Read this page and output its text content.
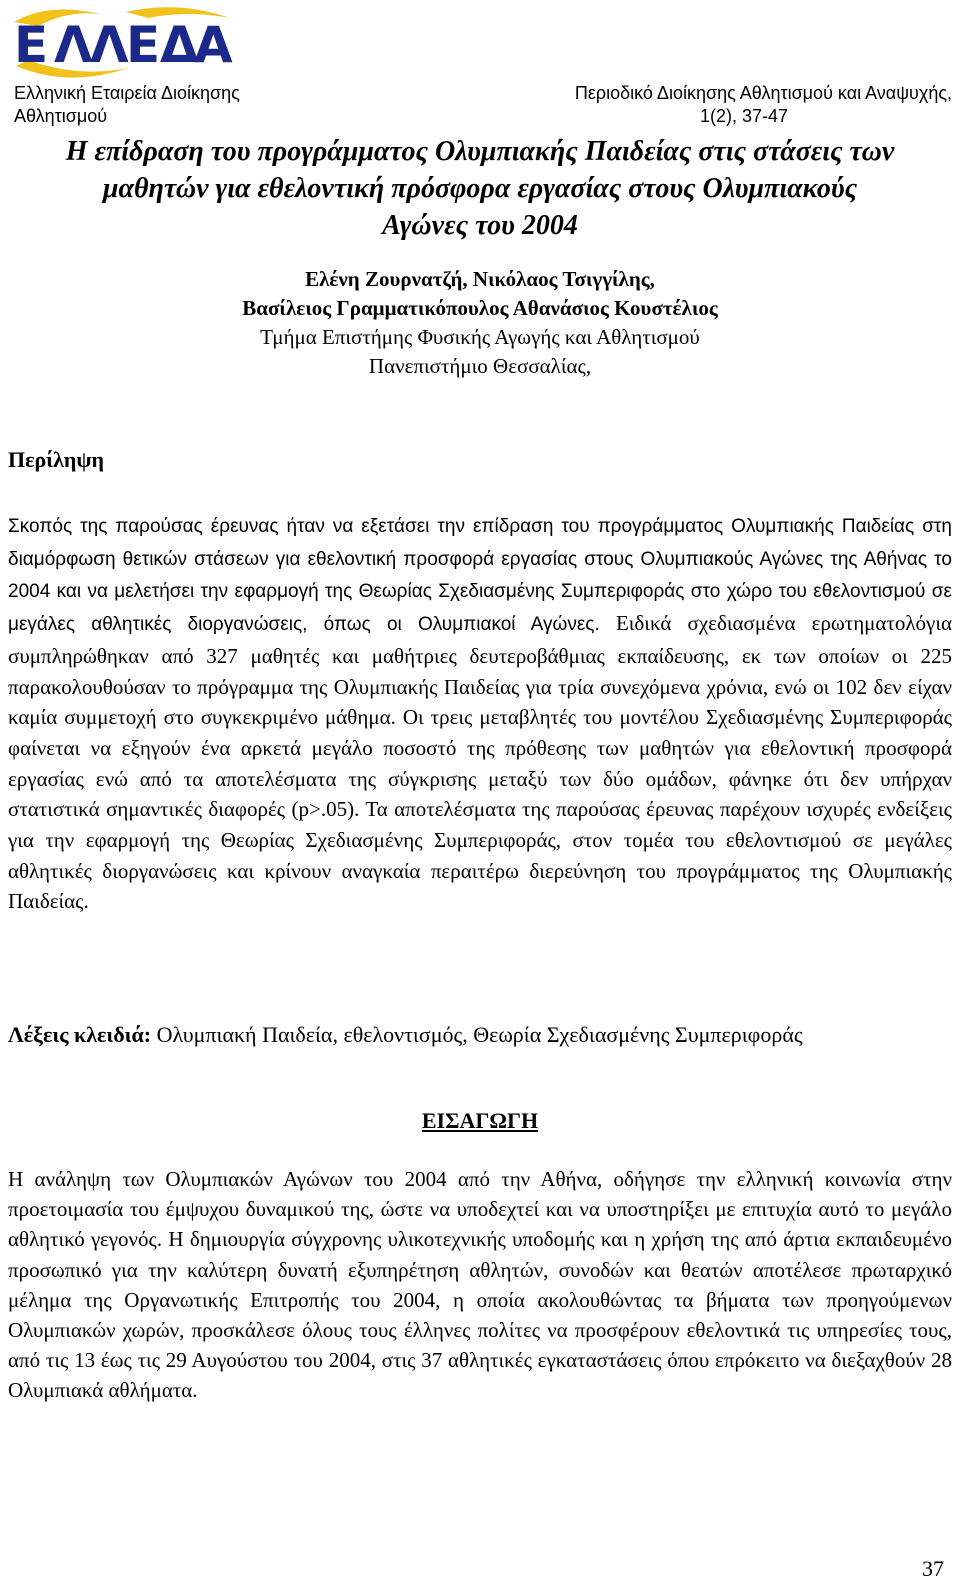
Ε Λ
Λ
Ε Δ
Α
Ελληνική Εταιρεία Διοίκησης
Αθλητισμού
Περιοδικό Διοίκησης Αθλητισμού και Αναψυχής,
1(2), 37-47
Η επίδραση του προγράμματος Ολυμπιακής Παιδείας στις στάσεις των
μαθητών για εθελοντική πρόσφορα εργασίας στους Ολυμπιακούς
Αγώνες του 2004
Ελένη Ζουρνατζή, Νικόλαος Τσιγγίλης,
Βασίλειος Γραμματικόπουλος Αθανάσιος Κουστέλιος
Τμήμα Επιστήμης Φυσικής Αγωγής και Αθλητισμού
Πανεπιστήμιο Θεσσαλίας,
Περίληψη
Σκοπός της παρούσας έρευνας ήταν να εξετάσει την επίδραση του προγράμματος Ολυμπιακής Παιδείας στη διαμόρφωση θετικών στάσεων για εθελοντική προσφορά εργασίας στους Ολυμπιακούς Αγώνες της Αθήνας το 2004 και να μελετήσει την εφαρμογή της Θεωρίας Σχεδιασμένης Συμπεριφοράς στο χώρο του εθελοντισμού σε μεγάλες αθλητικές διοργανώσεις, όπως οι Ολυμπιακοί Αγώνες. Ειδικά σχεδιασμένα ερωτηματολόγια συμπληρώθηκαν από 327 μαθητές και μαθήτριες δευτεροβάθμιας εκπαίδευσης, εκ των οποίων οι 225 παρακολουθούσαν το πρόγραμμα της Ολυμπιακής Παιδείας για τρία συνεχόμενα χρόνια, ενώ οι 102 δεν είχαν καμία συμμετοχή στο συγκεκριμένο μάθημα. Οι τρεις μεταβλητές του μοντέλου Σχεδιασμένης Συμπεριφοράς φαίνεται να εξηγούν ένα αρκετά μεγάλο ποσοστό της πρόθεσης των μαθητών για εθελοντική προσφορά εργασίας ενώ από τα αποτελέσματα της σύγκρισης μεταξύ των δύο ομάδων, φάνηκε ότι δεν υπήρχαν στατιστικά σημαντικές διαφορές (p>.05). Τα αποτελέσματα της παρούσας έρευνας παρέχουν ισχυρές ενδείξεις για την εφαρμογή της Θεωρίας Σχεδιασμένης Συμπεριφοράς, στον τομέα του εθελοντισμού σε μεγάλες αθλητικές διοργανώσεις και κρίνουν αναγκαία περαιτέρω διερεύνηση του προγράμματος της Ολυμπιακής Παιδείας.
Λέξεις κλειδιά: Ολυμπιακή Παιδεία, εθελοντισμός, Θεωρία Σχεδιασμένης Συμπεριφοράς
ΕΙΣΑΓΩΓΗ
Η ανάληψη των Ολυμπιακών Αγώνων του 2004 από την Αθήνα, οδήγησε την ελληνική κοινωνία στην προετοιμασία του έμψυχου δυναμικού της, ώστε να υποδεχτεί και να υποστηρίξει με επιτυχία αυτό το μεγάλο αθλητικό γεγονός. Η δημιουργία σύγχρονης υλικοτεχνικής υποδομής και η χρήση της από άρτια εκπαιδευμένο προσωπικό για την καλύτερη δυνατή εξυπηρέτηση αθλητών, συνοδών και θεατών αποτέλεσε πρωταρχικό μέλημα της Οργανωτικής Επιτροπής του 2004, η οποία ακολουθώντας τα βήματα των προηγούμενων Ολυμπιακών χωρών, προσκάλεσε όλους τους έλληνες πολίτες να προσφέρουν εθελοντικά τις υπηρεσίες τους, από τις 13 έως τις 29 Αυγούστου του 2004, στις 37 αθλητικές εγκαταστάσεις όπου επρόκειτο να διεξαχθούν 28 Ολυμπιακά αθλήματα.
37
